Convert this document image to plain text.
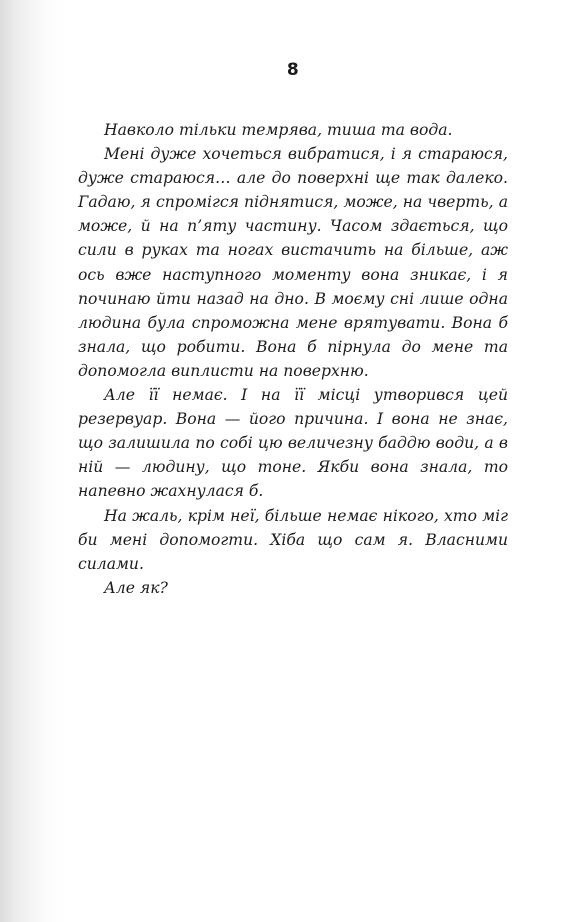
8

Навколо тільки темрява, тиша та вода.

Мені дуже хочеться вибратися, і я стараюся, дуже стараюся… але до поверхні ще так далеко. Гадаю, я спромігся піднятися, може, на чверть, а може, й на п’яту частину. Часом здається, що сили в руках та ногах вистачить на більше, аж ось вже наступного моменту вона зникає, і я починаю йти назад на дно. В моєму сні лише одна людина була спроможна мене врятувати. Вона б знала, що робити. Вона б пірнула до мене та допомогла виплисти на поверхню.

Але її немає. І на її місці утворився цей резервуар. Вона — його причина. І вона не знає, що залишила по собі цю величезну баддю води, а в ній — людину, що тоне. Якби вона знала, то напевно жахнулася б.

На жаль, крім неї, більше немає нікого, хто міг би мені допомогти. Хіба що сам я. Власними силами.

Але як?
